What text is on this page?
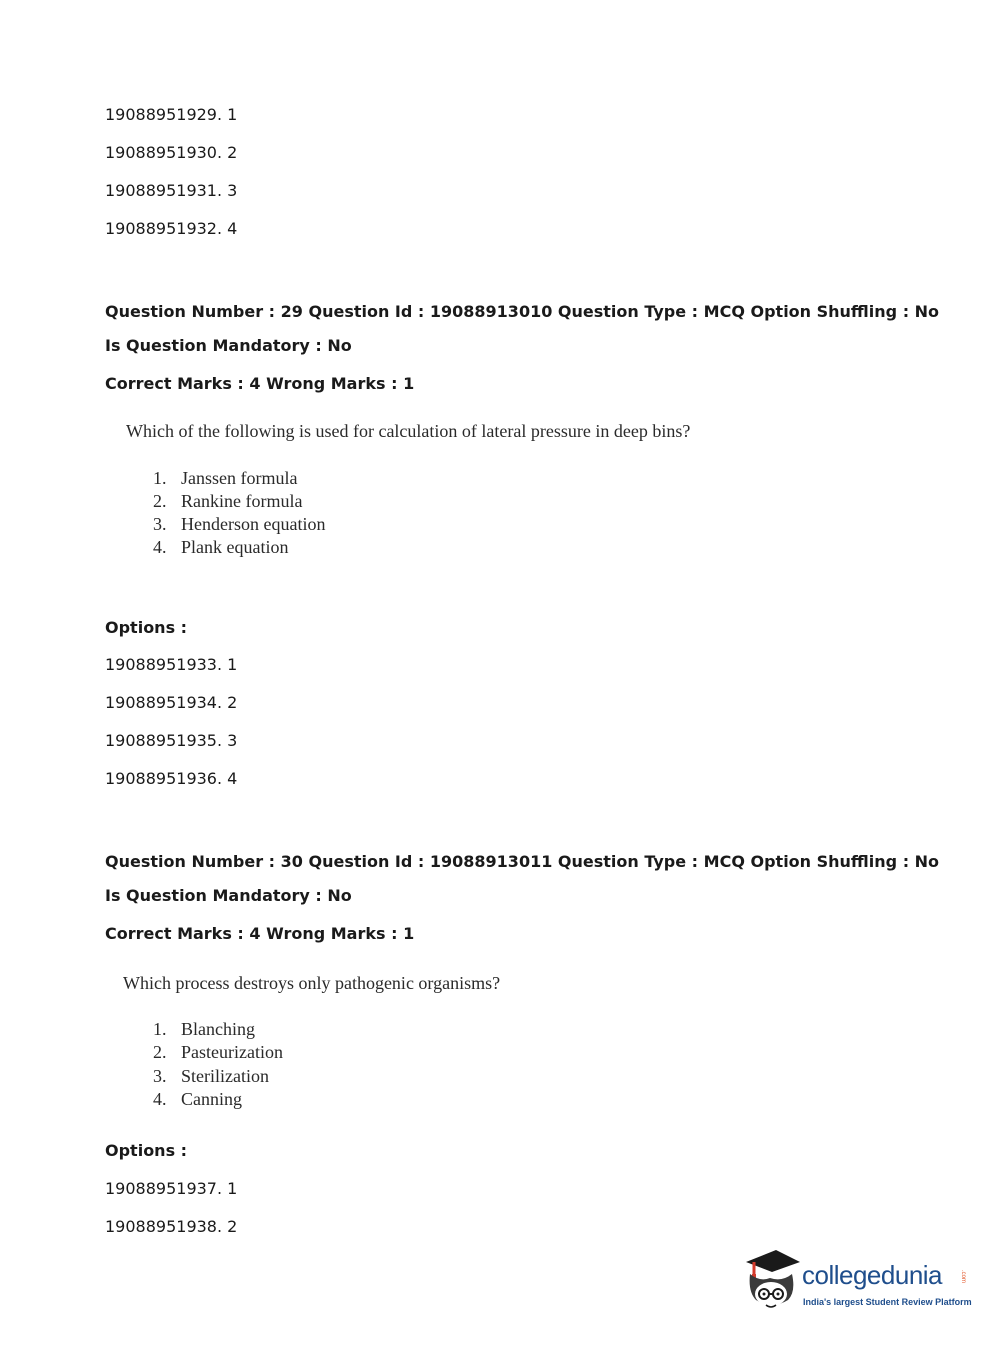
19088951929. 1
19088951930. 2
19088951931. 3
19088951932. 4
Question Number : 29 Question Id : 19088913010 Question Type : MCQ Option Shuffling : No
Is Question Mandatory : No
Correct Marks : 4 Wrong Marks : 1
Which of the following is used for calculation of lateral pressure in deep bins?
1. Janssen formula
2. Rankine formula
3. Henderson equation
4. Plank equation
Options :
19088951933. 1
19088951934. 2
19088951935. 3
19088951936. 4
Question Number : 30 Question Id : 19088913011 Question Type : MCQ Option Shuffling : No
Is Question Mandatory : No
Correct Marks : 4 Wrong Marks : 1
Which process destroys only pathogenic organisms?
1. Blanching
2. Pasteurization
3. Sterilization
4. Canning
Options :
19088951937. 1
19088951938. 2
collegedunia	.com
India's largest Student Review Platform
